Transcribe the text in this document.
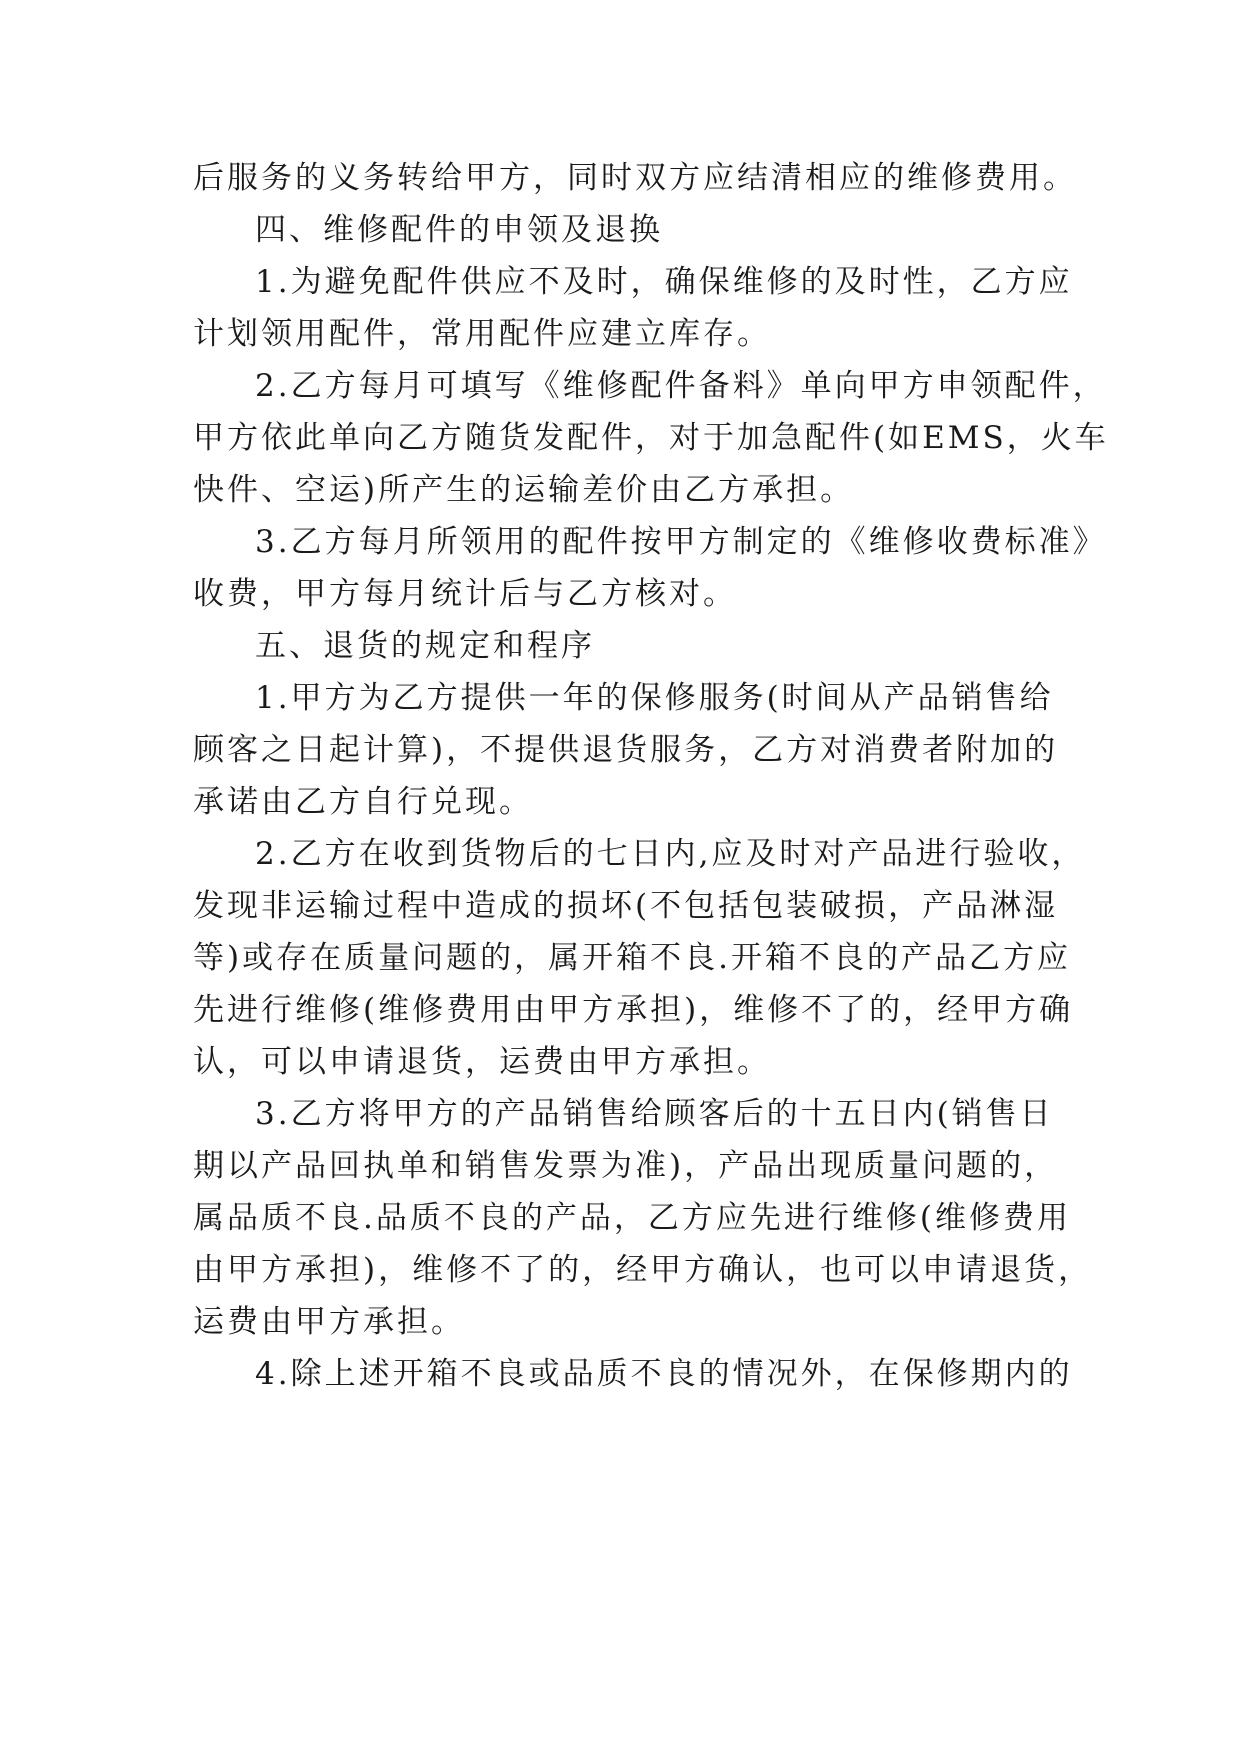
后服务的义务转给甲方，同时双方应结清相应的维修费用。
四、维修配件的申领及退换
1.为避免配件供应不及时，确保维修的及时性，乙方应
计划领用配件，常用配件应建立库存。
2.乙方每月可填写《维修配件备料》单向甲方申领配件，
甲方依此单向乙方随货发配件，对于加急配件(如EMS，火车
快件、空运)所产生的运输差价由乙方承担。
3.乙方每月所领用的配件按甲方制定的《维修收费标准》
收费，甲方每月统计后与乙方核对。
五、退货的规定和程序
1.甲方为乙方提供一年的保修服务(时间从产品销售给
顾客之日起计算)，不提供退货服务，乙方对消费者附加的
承诺由乙方自行兑现。
2.乙方在收到货物后的七日内,应及时对产品进行验收，
发现非运输过程中造成的损坏(不包括包装破损，产品淋湿
等)或存在质量问题的，属开箱不良.开箱不良的产品乙方应
先进行维修(维修费用由甲方承担)，维修不了的，经甲方确
认，可以申请退货，运费由甲方承担。
3.乙方将甲方的产品销售给顾客后的十五日内(销售日
期以产品回执单和销售发票为准)，产品出现质量问题的，
属品质不良.品质不良的产品，乙方应先进行维修(维修费用
由甲方承担)，维修不了的，经甲方确认，也可以申请退货，
运费由甲方承担。
4.除上述开箱不良或品质不良的情况外，在保修期内的
